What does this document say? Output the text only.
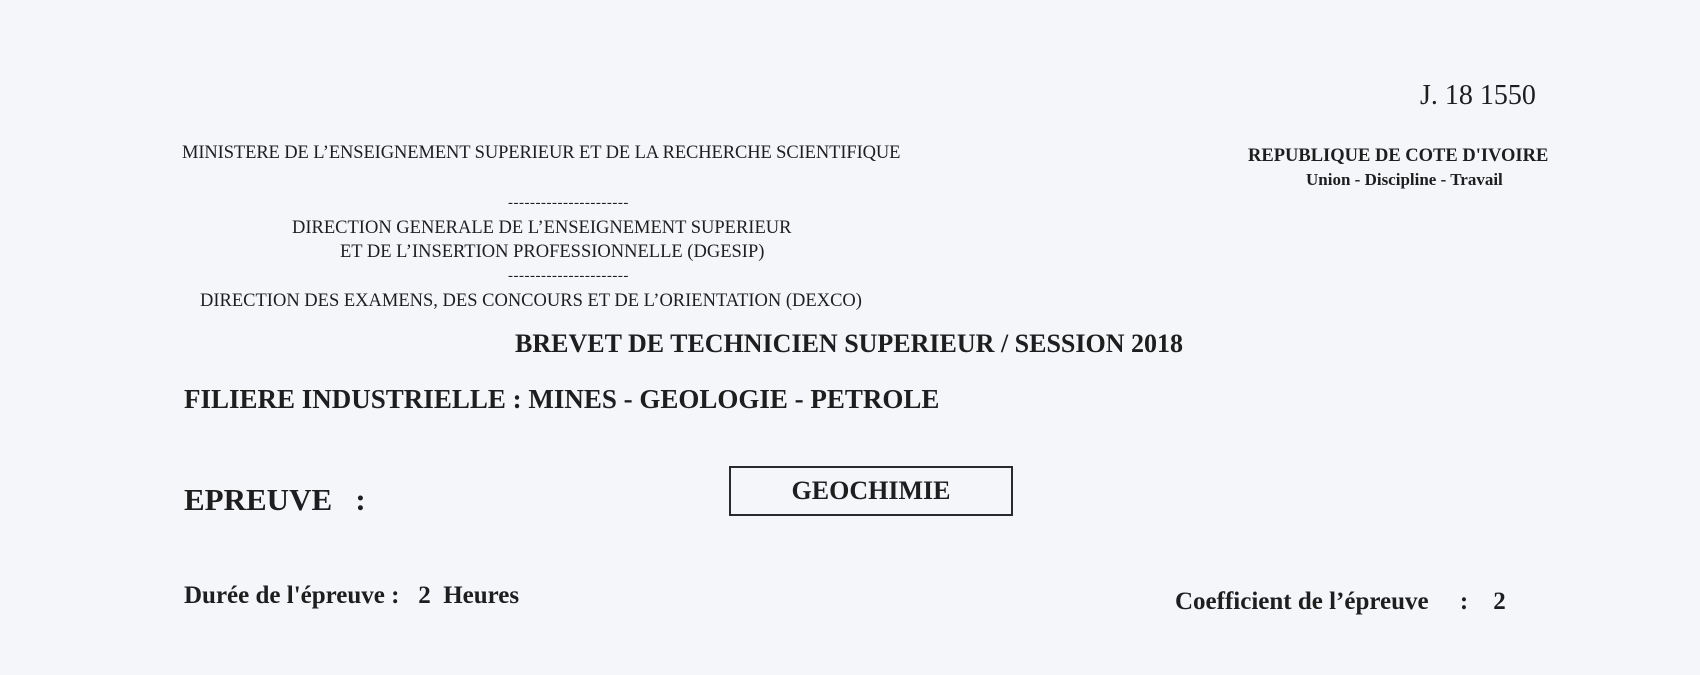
J. 18 1550
MINISTERE DE L’ENSEIGNEMENT SUPERIEUR ET DE LA RECHERCHE SCIENTIFIQUE	REPUBLIQUE DE COTE D'IVOIRE
Union - Discipline - Travail
----------------------
DIRECTION GENERALE DE L’ENSEIGNEMENT SUPERIEUR
ET DE L’INSERTION PROFESSIONNELLE (DGESIP)
----------------------
DIRECTION DES EXAMENS, DES CONCOURS ET DE L’ORIENTATION (DEXCO)
BREVET DE TECHNICIEN SUPERIEUR / SESSION 2018
FILIERE INDUSTRIELLE : MINES - GEOLOGIE - PETROLE
EPREUVE   :	GEOCHIMIE
Durée de l'épreuve :   2  Heures	Coefficient de l’épreuve     :    2
